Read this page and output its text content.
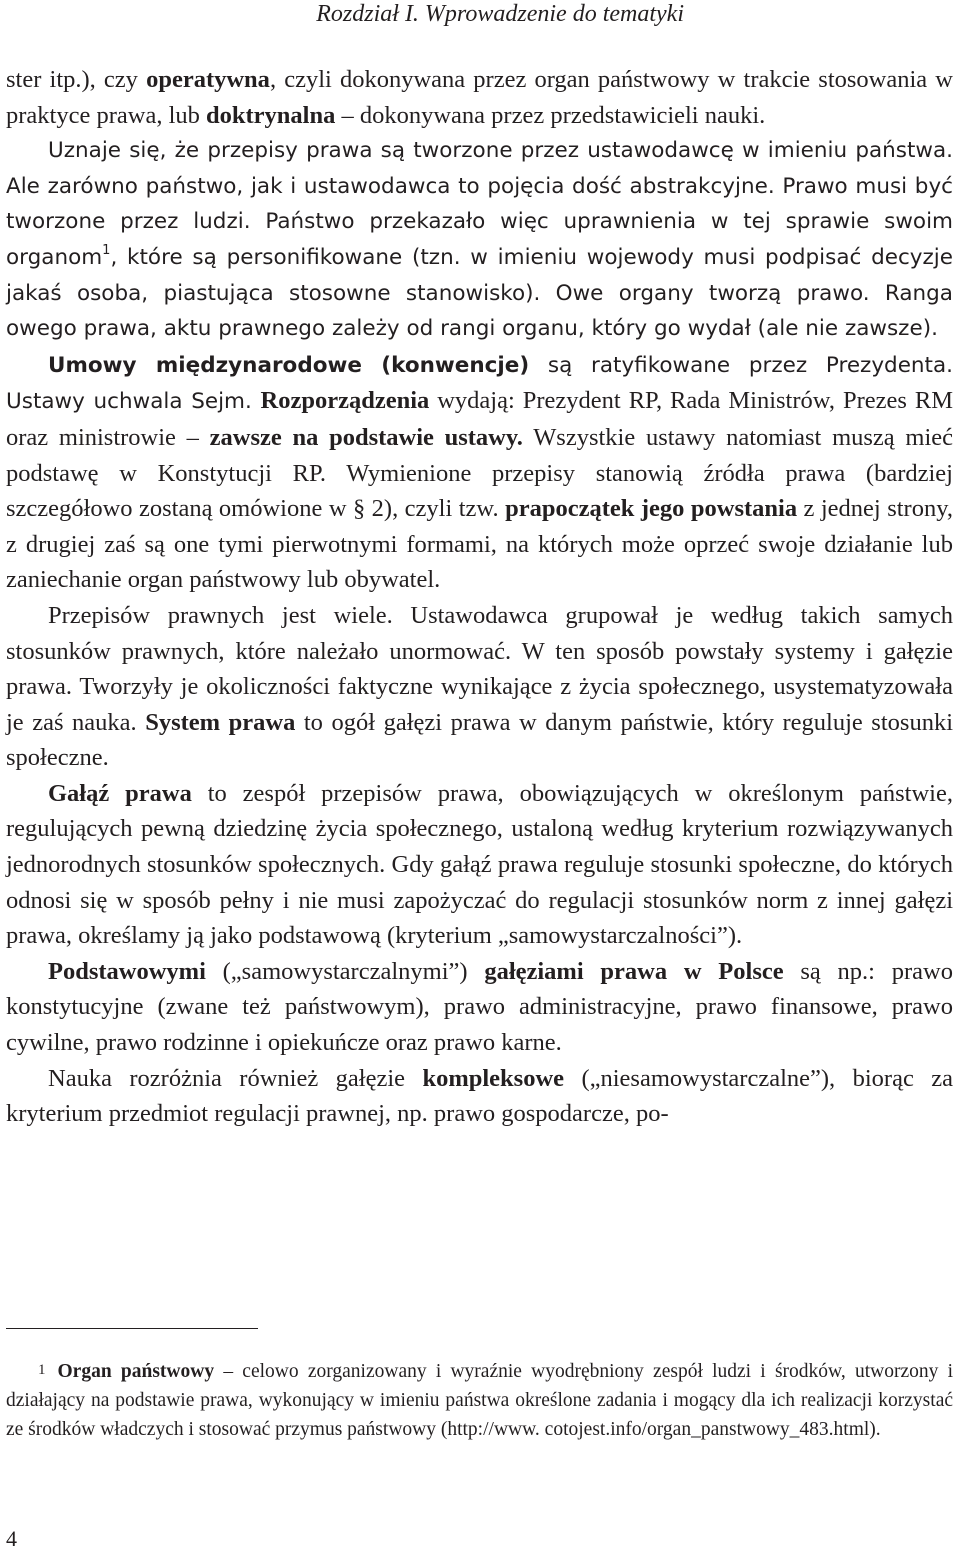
Rozdział I. Wprowadzenie do tematyki

ster itp.), czy operatywna, czyli dokonywana przez organ państwowy w trakcie stosowania w praktyce prawa, lub doktrynalna – dokonywana przez przedstawicieli nauki.

Uznaje się, że przepisy prawa są tworzone przez ustawodawcę w imieniu państwa. Ale zarówno państwo, jak i ustawodawca to pojęcia dość abstrakcyjne. Prawo musi być tworzone przez ludzi. Państwo przekazało więc uprawnienia w tej sprawie swoim organom$^1$, które są personifikowane (tzn. w imieniu wojewody musi podpisać decyzje jakaś osoba, piastująca stosowne stanowisko). Owe organy tworzą prawo. Ranga owego prawa, aktu prawnego zależy od rangi organu, który go wydał (ale nie zawsze).

Umowy międzynarodowe (konwencje) są ratyfikowane przez Prezydenta. Ustawy uchwala Sejm. Rozporządzenia wydają: Prezydent RP, Rada Ministrów, Prezes RM oraz ministrowie – zawsze na podstawie ustawy. Wszystkie ustawy natomiast muszą mieć podstawę w Konstytucji RP. Wymienione przepisy stanowią źródła prawa (bardziej szczegółowo zostaną omówione w § 2), czyli tzw. prapoczątek jego powstania z jednej strony, z drugiej zaś są one tymi pierwotnymi formami, na których może oprzeć swoje działanie lub zaniechanie organ państwowy lub obywatel.

Przepisów prawnych jest wiele. Ustawodawca grupował je według takich samych stosunków prawnych, które należało unormować. W ten sposób powstały systemy i gałęzie prawa. Tworzyły je okoliczności faktyczne wynikające z życia społecznego, usystematyzowała je zaś nauka. System prawa to ogół gałęzi prawa w danym państwie, który reguluje stosunki społeczne.

Gałąź prawa to zespół przepisów prawa, obowiązujących w określonym państwie, regulujących pewną dziedzinę życia społecznego, ustaloną według kryterium rozwiązywanych jednorodnych stosunków społecznych. Gdy gałąź prawa reguluje stosunki społeczne, do których odnosi się w sposób pełny i nie musi zapożyczać do regulacji stosunków norm z innej gałęzi prawa, określamy ją jako podstawową (kryterium „samowystarczalności”).

Podstawowymi („samowystarczalnymi”) gałęziami prawa w Polsce są np.: prawo konstytucyjne (zwane też państwowym), prawo administracyjne, prawo finansowe, prawo cywilne, prawo rodzinne i opiekuńcze oraz prawo karne.

Nauka rozróżnia również gałęzie kompleksowe („niesamowystarczalne”), biorąc za kryterium przedmiot regulacji prawnej, np. prawo gospodarcze, po-

1 Organ państwowy – celowo zorganizowany i wyraźnie wyodrębniony zespół ludzi i środków, utworzony i działający na podstawie prawa, wykonujący w imieniu państwa określone zadania i mogący dla ich realizacji korzystać ze środków władczych i stosować przymus państwowy (http://www. cotojest.info/organ_panstwowy_483.html).
4
